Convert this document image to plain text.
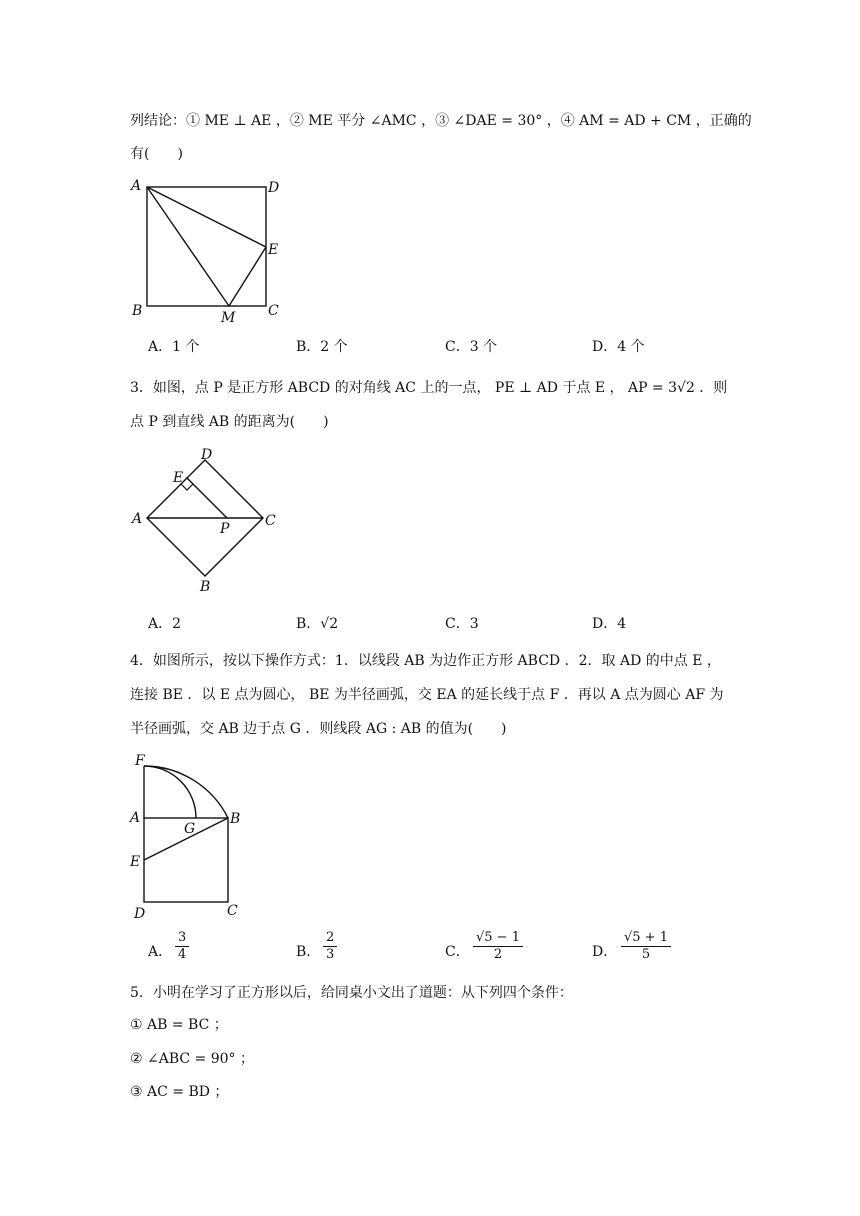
列结论：① ME ⊥ AE ，② ME 平分 ∠AMC ，③ ∠DAE = 30° ，④ AM = AD + CM ，正确的
有(　　)
A	D
E
B	C
M
A．1 个	B．2 个	C．3 个	D．4 个
3．如图，点 P 是正方形 ABCD 的对角线 AC 上的一点， PE ⊥ AD 于点 E ， AP = 3√2 ．则
点 P 到直线 AB 的距离为(　　)
A
D
E
P	C
B
A．2	B．√2	C．3	D．4
4．如图所示，按以下操作方式：1．以线段 AB 为边作正方形 ABCD ．2．取 AD 的中点 E ，
连接 BE ．以 E 点为圆心， BE 为半径画弧，交 EA 的延长线于点 F ．再以 A 点为圆心 AF 为
半径画弧，交 AB 边于点 G ．则线段 AG : AB 的值为(　　)
F
A
G
B
E
D	C
A． $\frac{3}{4}$	B． $\frac{2}{3}$	C． $\frac{√5 - 1}{2}$	D． $\frac{√5 + 1}{5}$
5．小明在学习了正方形以后，给同桌小文出了道题：从下列四个条件：
① AB = BC ；
② ∠ABC = 90° ；
③ AC = BD ；
